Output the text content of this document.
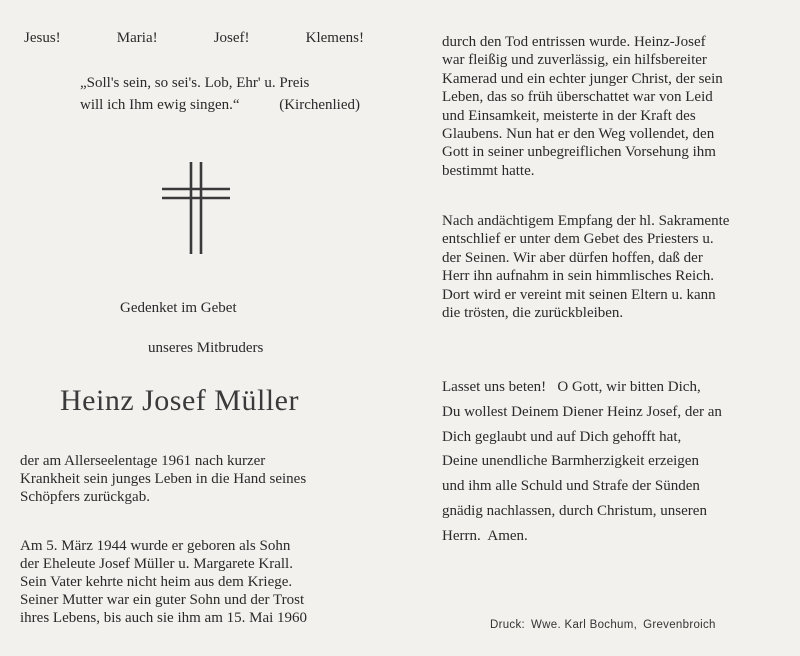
Jesus!	Maria!	Josef!	Klemens!
„Soll's sein, so sei's. Lob, Ehr' u. Preis
will ich Ihm ewig singen.“	(Kirchenlied)
Gedenket im Gebet
unseres Mitbruders
Heinz Josef Müller
der am Allerseelentage 1961 nach kurzer
Krankheit sein junges Leben in die Hand seines
Schöpfers zurückgab.
Am 5. März 1944 wurde er geboren als Sohn
der Eheleute Josef Müller u. Margarete Krall.
Sein Vater kehrte nicht heim aus dem Kriege.
Seiner Mutter war ein guter Sohn und der Trost
ihres Lebens, bis auch sie ihm am 15. Mai 1960
durch den Tod entrissen wurde. Heinz-Josef
war fleißig und zuverlässig, ein hilfsbereiter
Kamerad und ein echter junger Christ, der sein
Leben, das so früh überschattet war von Leid
und Einsamkeit, meisterte in der Kraft des
Glaubens. Nun hat er den Weg vollendet, den
Gott in seiner unbegreiflichen Vorsehung ihm
bestimmt hatte.
Nach andächtigem Empfang der hl. Sakramente
entschlief er unter dem Gebet des Priesters u.
der Seinen. Wir aber dürfen hoffen, daß der
Herr ihn aufnahm in sein himmlisches Reich.
Dort wird er vereint mit seinen Eltern u. kann
die trösten, die zurückbleiben.
Lasset uns beten!   O Gott, wir bitten Dich,
Du wollest Deinem Diener Heinz Josef, der an
Dich geglaubt und auf Dich gehofft hat,
Deine unendliche Barmherzigkeit erzeigen
und ihm alle Schuld und Strafe der Sünden
gnädig nachlassen, durch Christum, unseren
Herrn.  Amen.
Druck: Wwe. Karl Bochum, Grevenbroich
